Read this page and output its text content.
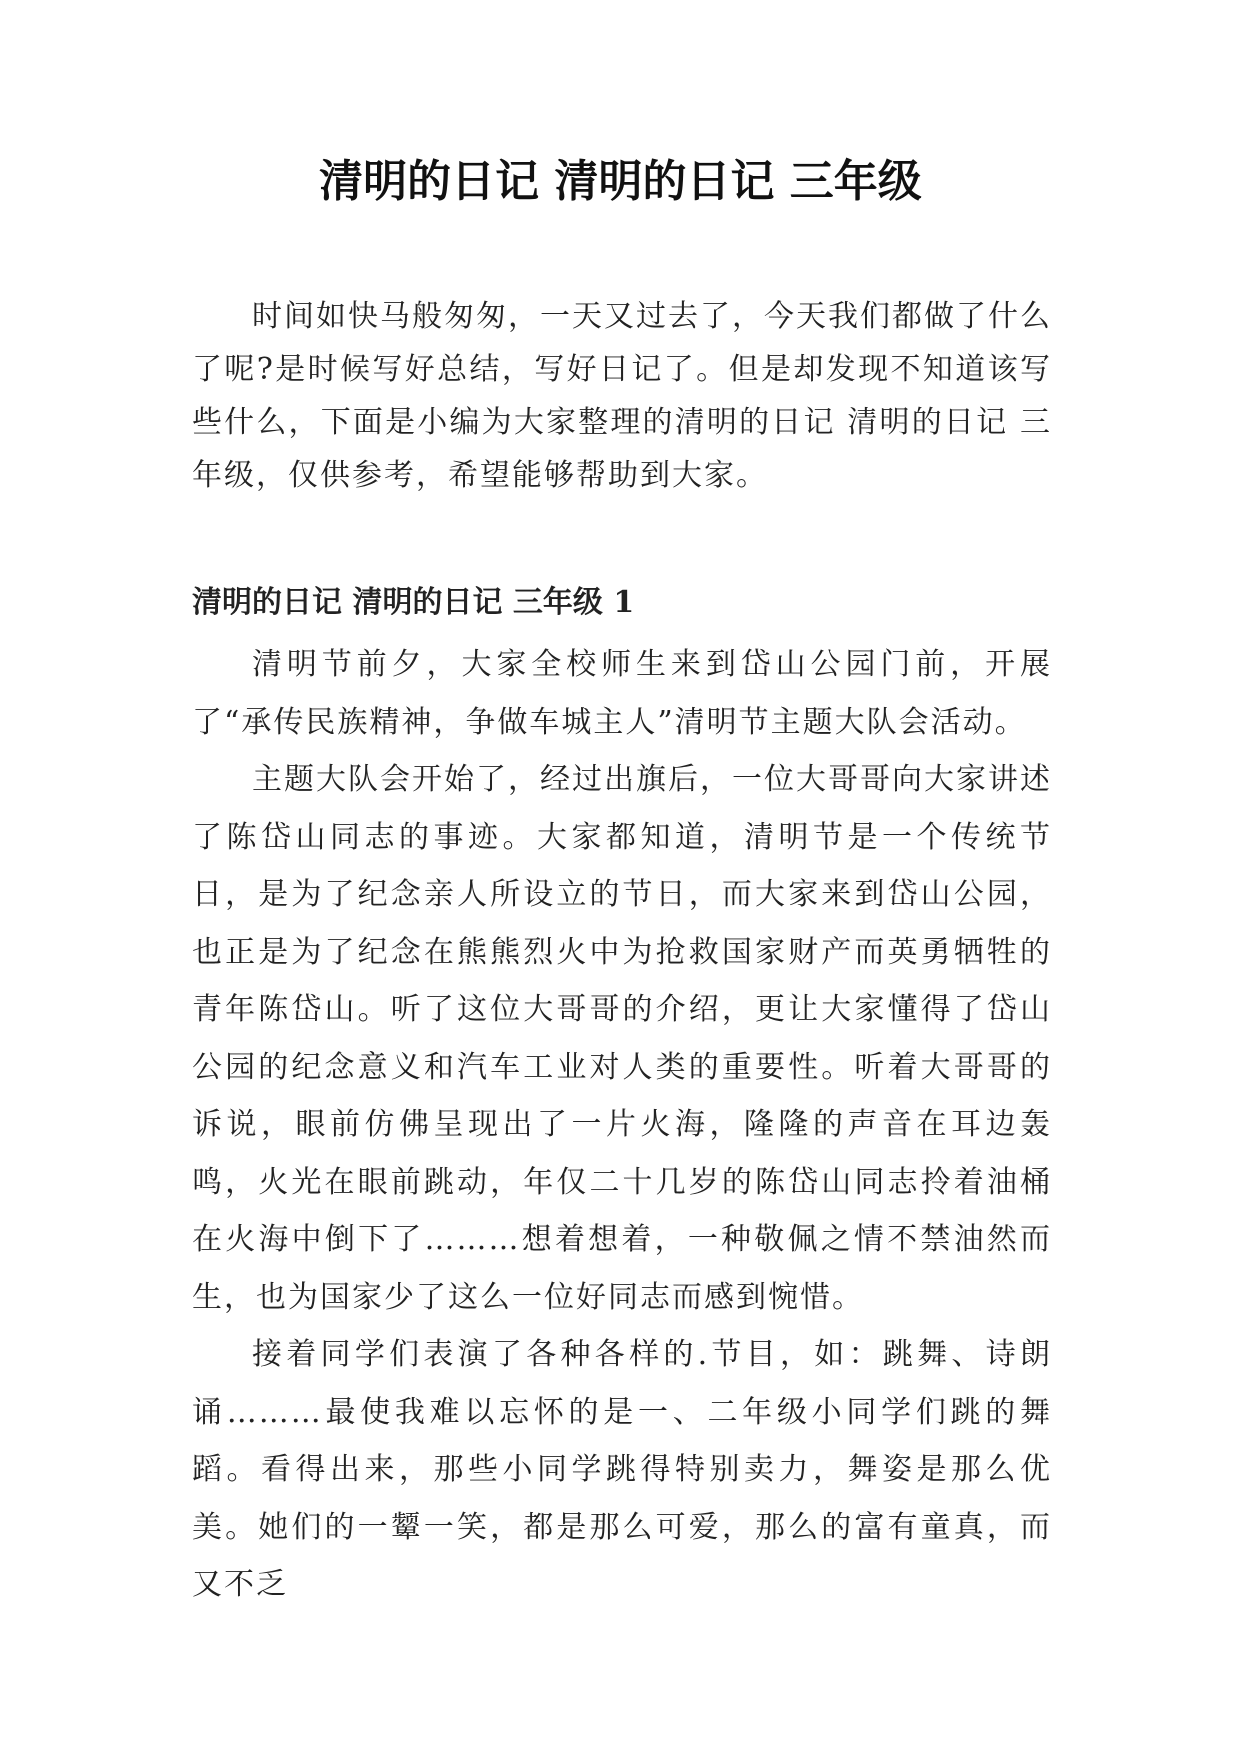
清明的日记 清明的日记 三年级

时间如快马般匆匆，一天又过去了，今天我们都做了什么了呢?是时候写好总结，写好日记了。但是却发现不知道该写些什么，下面是小编为大家整理的清明的日记 清明的日记 三年级，仅供参考，希望能够帮助到大家。

清明的日记 清明的日记 三年级 1

清明节前夕，大家全校师生来到岱山公园门前，开展了“承传民族精神，争做车城主人”清明节主题大队会活动。

主题大队会开始了，经过出旗后，一位大哥哥向大家讲述了陈岱山同志的事迹。大家都知道，清明节是一个传统节日，是为了纪念亲人所设立的节日，而大家来到岱山公园，也正是为了纪念在熊熊烈火中为抢救国家财产而英勇牺牲的青年陈岱山。听了这位大哥哥的介绍，更让大家懂得了岱山公园的纪念意义和汽车工业对人类的重要性。听着大哥哥的诉说，眼前仿佛呈现出了一片火海，隆隆的声音在耳边轰鸣，火光在眼前跳动，年仅二十几岁的陈岱山同志拎着油桶在火海中倒下了………想着想着，一种敬佩之情不禁油然而生，也为国家少了这么一位好同志而感到惋惜。

接着同学们表演了各种各样的.节目，如：跳舞、诗朗诵………最使我难以忘怀的是一、二年级小同学们跳的舞蹈。看得出来，那些小同学跳得特别卖力，舞姿是那么优美。她们的一颦一笑，都是那么可爱，那么的富有童真，而又不乏
